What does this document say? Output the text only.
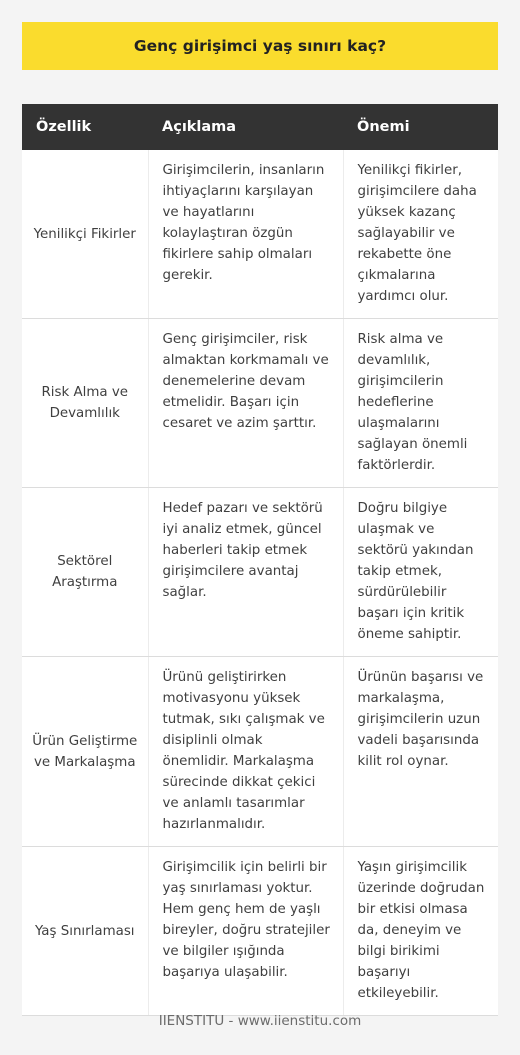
Genç girişimci yaş sınırı kaç?
Özellik	Açıklama	Önemi

Yenilikçi Fikirler	Girişimcilerin, insanların ihtiyaçlarını karşılayan ve hayatlarını kolaylaştıran özgün fikirlere sahip olmaları gerekir.	Yenilikçi fikirler, girişimcilere daha yüksek kazanç sağlayabilir ve rekabette öne çıkmalarına yardımcı olur.

Risk Alma ve Devamlılık	Genç girişimciler, risk almaktan korkmamalı ve denemelerine devam etmelidir. Başarı için cesaret ve azim şarttır.	Risk alma ve devamlılık, girişimcilerin hedeflerine ulaşmalarını sağlayan önemli faktörlerdir.

Sektörel Araştırma	Hedef pazarı ve sektörü iyi analiz etmek, güncel haberleri takip etmek girişimcilere avantaj sağlar.	Doğru bilgiye ulaşmak ve sektörü yakından takip etmek, sürdürülebilir başarı için kritik öneme sahiptir.

Ürün Geliştirme ve Markalaşma	Ürünü geliştirirken motivasyonu yüksek tutmak, sıkı çalışmak ve disiplinli olmak önemlidir. Markalaşma sürecinde dikkat çekici ve anlamlı tasarımlar hazırlanmalıdır.	Ürünün başarısı ve markalaşma, girişimcilerin uzun vadeli başarısında kilit rol oynar.

Yaş Sınırlaması	Girişimcilik için belirli bir yaş sınırlaması yoktur. Hem genç hem de yaşlı bireyler, doğru stratejiler ve bilgiler ışığında başarıya ulaşabilir.	Yaşın girişimcilik üzerinde doğrudan bir etkisi olmasa da, deneyim ve bilgi birikimi başarıyı etkileyebilir.
IIENSTITU - www.iienstitu.com
